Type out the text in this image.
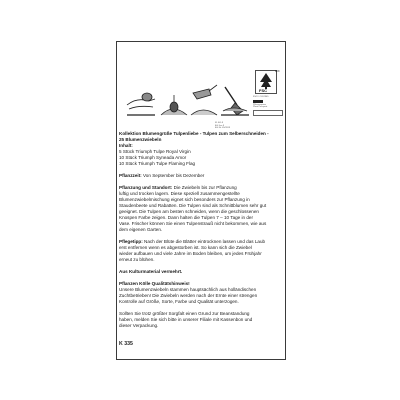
FSC
MIX
FSC® C012345
Pflanzenpass
Plant Passport
Kl. EG II
EG 5ce 3
EG Nr. 45/3313

Kollektion Blumengrüße Tulpenliebe - Tulpen zum Selberschneiden -

25 Blumenzwiebeln

Inhalt:

5 Stück Triumph Tulpe Royal Virgin

10 Stück Triumph Syneada Amor

10 Stück Triumph Tulpe Flaming Flag

Pflanzzeit: Von September bis Dezember

Pflanzung und Standort: Die Zwiebeln bis zur Pflanzung

luftig und trocken lagern. Diese speziell zusammengestellte

Blumenzwiebelmischung eignet sich besonders zur Pflanzung in

Staudenbeete und Rabatten. Die Tulpen sind als Schnittblumen sehr gut

geeignet. Die Tulpen am besten schneiden, wenn die geschlossenen

Knospen Farbe zeigen. Dann halten die Tulpen 7 – 10 Tage in der

Vase. Frischer können Sie einen Tulpenstrauß nicht bekommen, wie aus

dem eigenen Garten.

Pflegetipp: Nach der Blüte die Blätter eintrocknen lassen und das Laub

erst entfernen wenn es abgestorben ist. So kann sich die Zwiebel

wieder aufbauen und viele Jahre im Boden bleiben, um jedes Frühjahr

erneut zu blühen.

Aus Kulturmaterial vermehrt.

Pflanzen Kölle Qualitätshinweis!

Unsere Blumenzwiebeln stammen hauptsächlich aus holländischen

Zuchtbetrieben! Die Zwiebeln werden nach der Ernte einer strengen

Kontrolle auf Größe, Sorte, Farbe und Qualität unterzogen.

Sollten Sie trotz größter Sorgfalt einen Grund zur Beanstandung

haben, melden Sie sich bitte in unserer Filiale mit Kassenbon und

dieser Verpackung.

K 335
